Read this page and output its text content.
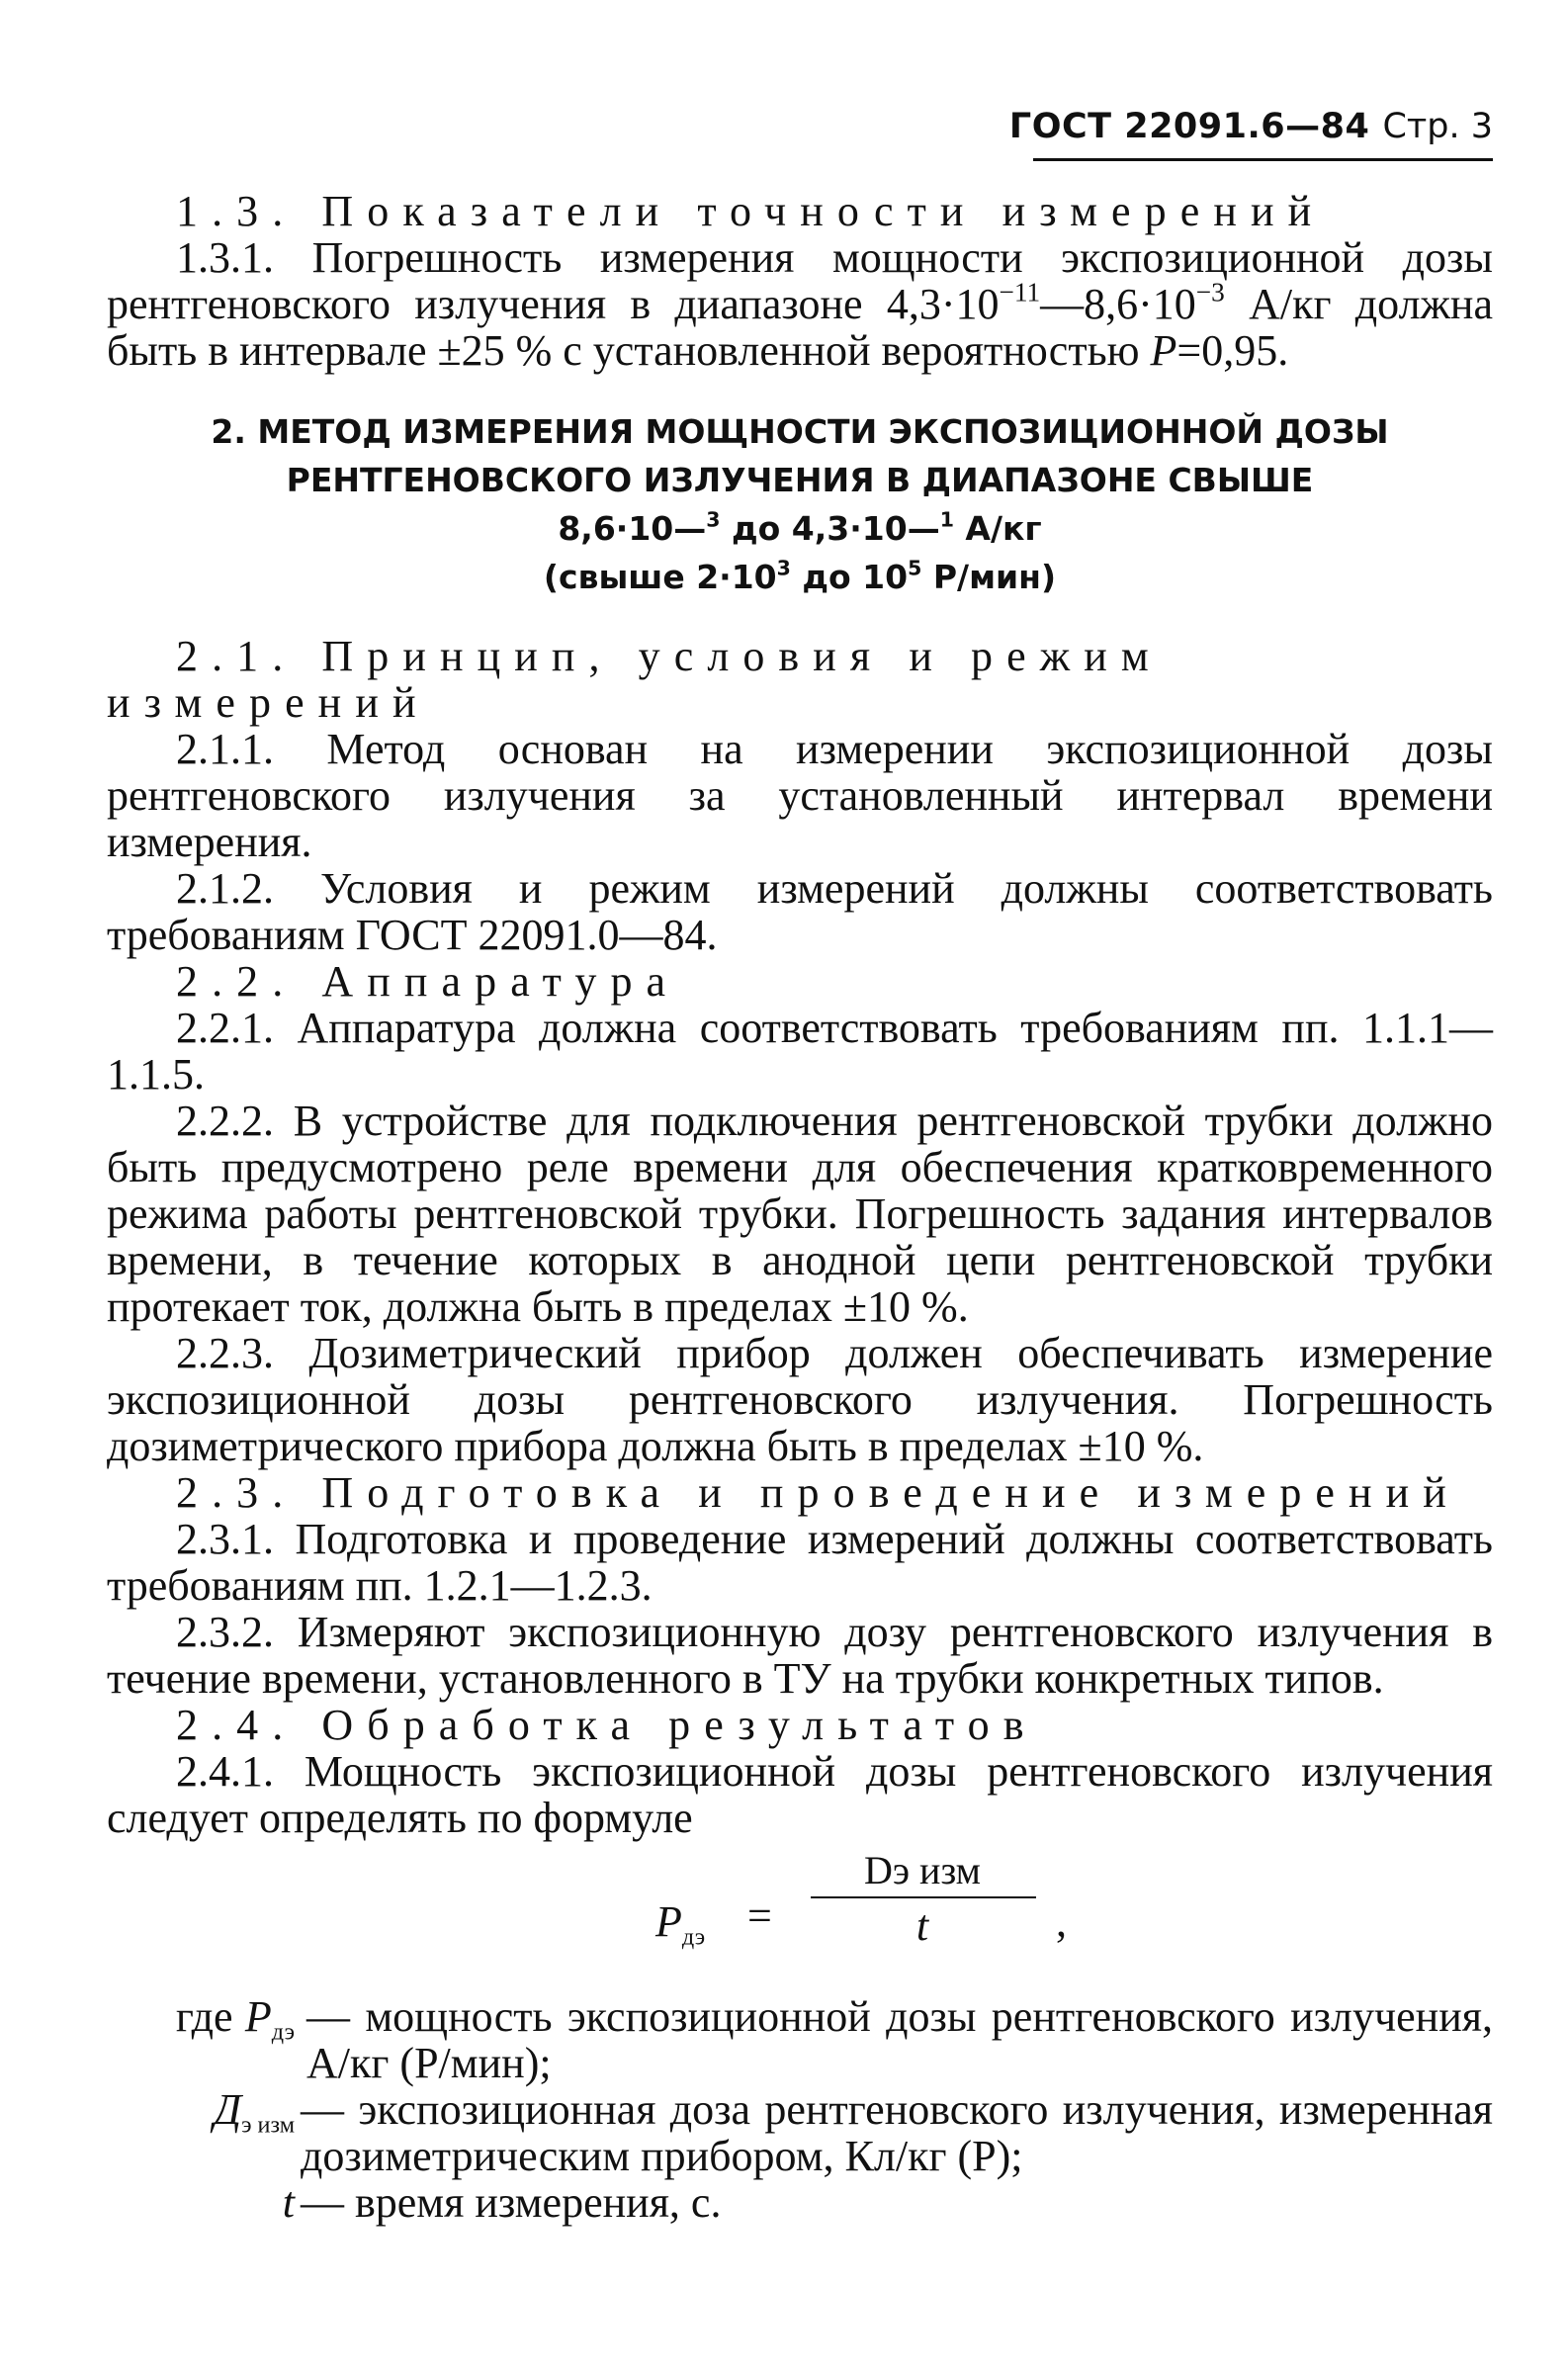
ГОСТ 22091.6—84 Стр. 3

1.3. Показатели точности измерений

1.3.1. Погрешность измерения мощности экспозиционной дозы рентгеновского излучения в диапазоне $4,3\cdot 10^{-11}—8,6\cdot 10^{-3}$ А/кг должна быть в интервале ±25 % с установленной вероятностью P=0,95.

2. МЕТОД ИЗМЕРЕНИЯ МОЩНОСТИ ЭКСПОЗИЦИОННОЙ ДОЗЫ
РЕНТГЕНОВСКОГО ИЗЛУЧЕНИЯ В ДИАПАЗОНЕ СВЫШЕ
8,6·10—$^3$ до 4,3·10—$^1$ А/кг
(свыше $2\cdot 10^3$ до $10^5$ Р/мин)

2.1. Принцип, условия и режим измерений

2.1.1. Метод основан на измерении экспозиционной дозы рентгеновского излучения за установленный интервал времени измерения.

2.1.2. Условия и режим измерений должны соответствовать требованиям ГОСТ 22091.0—84.

2.2. Аппаратура

2.2.1. Аппаратура должна соответствовать требованиям пп. 1.1.1—1.1.5.

2.2.2. В устройстве для подключения рентгеновской трубки должно быть предусмотрено реле времени для обеспечения кратковременного режима работы рентгеновской трубки. Погрешность задания интервалов времени, в течение которых в анодной цепи рентгеновской трубки протекает ток, должна быть в пределах ±10 %.

2.2.3. Дозиметрический прибор должен обеспечивать измерение экспозиционной дозы рентгеновского излучения. Погрешность дозиметрического прибора должна быть в пределах ±10 %.

2.3. Подготовка и проведение измерений

2.3.1. Подготовка и проведение измерений должны соответствовать требованиям пп. 1.2.1—1.2.3.

2.3.2. Измеряют экспозиционную дозу рентгеновского излучения в течение времени, установленного в ТУ на трубки конкретных типов.

2.4. Обработка результатов

2.4.1. Мощность экспозиционной дозы рентгеновского излучения следует определять по формуле

Pдэ =
Dэ изм
t	,
где $P_{дэ}$ — мощность экспозиционной дозы рентгеновского излучения, А/кг (Р/мин);
$Д_{э изм}$ — экспозиционная доза рентгеновского излучения, измеренная дозиметрическим прибором, Кл/кг (Р);
t — время измерения, с.
